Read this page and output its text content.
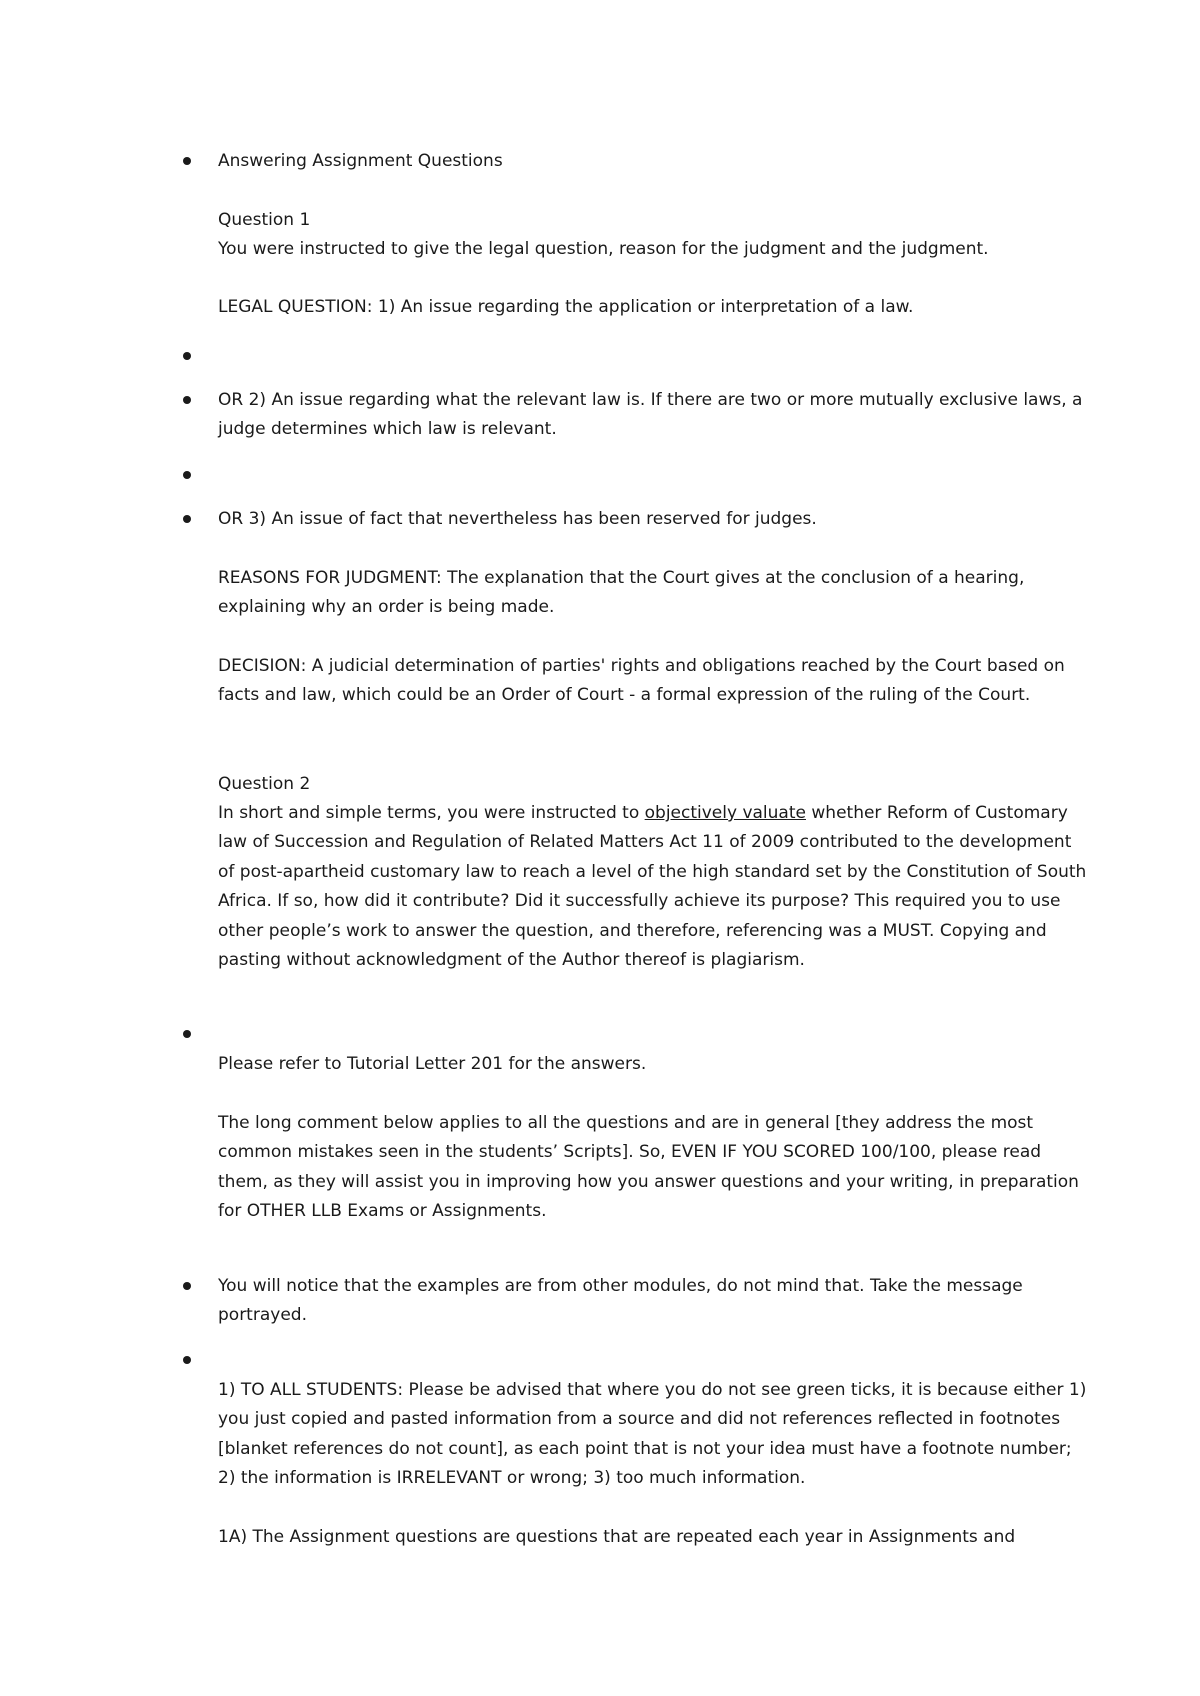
Answering Assignment Questions

Question 1

You were instructed to give the legal question, reason for the judgment and the judgment.

LEGAL QUESTION: 1) An issue regarding the application or interpretation of a law.

OR 2) An issue regarding what the relevant law is. If there are two or more mutually exclusive laws, a judge determines which law is relevant.

OR 3) An issue of fact that nevertheless has been reserved for judges.

REASONS FOR JUDGMENT: The explanation that the Court gives at the conclusion of a hearing, explaining why an order is being made.

DECISION: A judicial determination of parties' rights and obligations reached by the Court based on facts and law, which could be an Order of Court - a formal expression of the ruling of the Court.

Question 2

In short and simple terms, you were instructed to objectively valuate whether Reform of Customary law of Succession and Regulation of Related Matters Act 11 of 2009 contributed to the development of post-apartheid customary law to reach a level of the high standard set by the Constitution of South Africa. If so, how did it contribute? Did it successfully achieve its purpose? This required you to use other people’s work to answer the question, and therefore, referencing was a MUST. Copying and pasting without acknowledgment of the Author thereof is plagiarism.

Please refer to Tutorial Letter 201 for the answers.

The long comment below applies to all the questions and are in general [they address the most common mistakes seen in the students’ Scripts]. So, EVEN IF YOU SCORED 100/100, please read them, as they will assist you in improving how you answer questions and your writing, in preparation for OTHER LLB Exams or Assignments.

You will notice that the examples are from other modules, do not mind that. Take the message portrayed.

1) TO ALL STUDENTS: Please be advised that where you do not see green ticks, it is because either 1) you just copied and pasted information from a source and did not references reflected in footnotes [blanket references do not count], as each point that is not your idea must have a footnote number; 2) the information is IRRELEVANT or wrong; 3) too much information.

1A) The Assignment questions are questions that are repeated each year in Assignments and
